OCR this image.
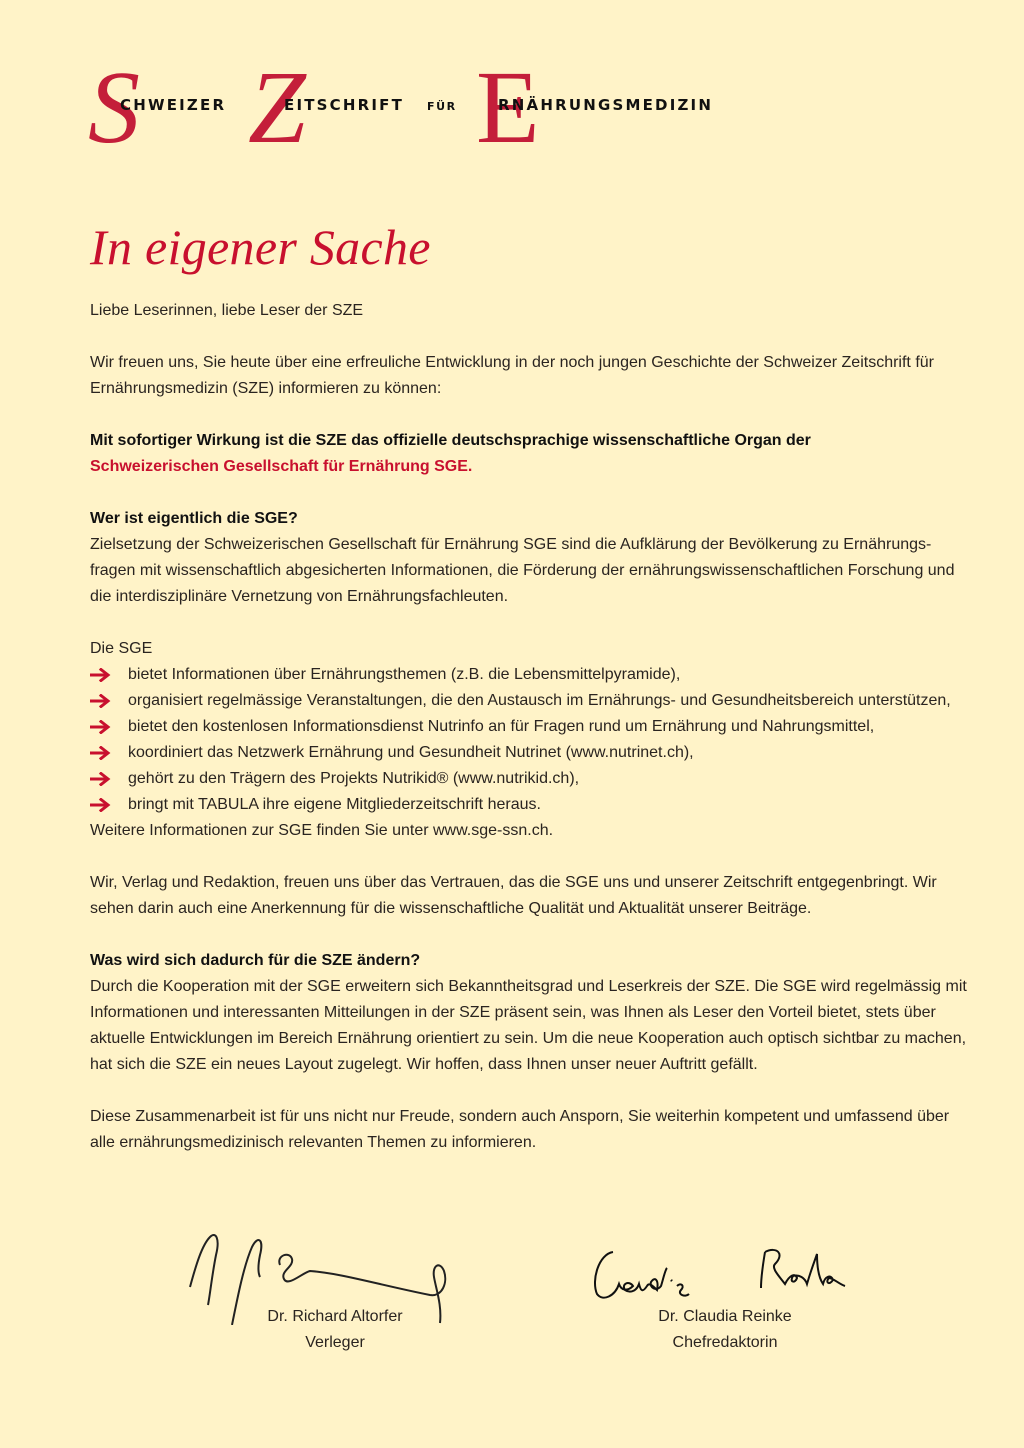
S Z E
CHWEIZER	EITSCHRIFT FÜR	RNÄHRUNGSMEDIZIN
In eigener Sache

Liebe Leserinnen, liebe Leser der SZE

Wir freuen uns, Sie heute über eine erfreuliche Entwicklung in der noch jungen Geschichte der Schweizer Zeitschrift für Ernährungsmedizin (SZE) informieren zu können:

Mit sofortiger Wirkung ist die SZE das offizielle deutschsprachige wissenschaftliche Organ der
Schweizerischen Gesellschaft für Ernährung SGE.

Wer ist eigentlich die SGE?
Zielsetzung der Schweizerischen Gesellschaft für Ernährung SGE sind die Aufklärung der Bevölkerung zu Ernährungsfragen mit wissenschaftlich abgesicherten Informationen, die Förderung der ernährungswissenschaftlichen Forschung und die interdisziplinäre Vernetzung von Ernährungsfachleuten.

Die SGE
bietet Informationen über Ernährungsthemen (z.B. die Lebensmittelpyramide),
organisiert regelmässige Veranstaltungen, die den Austausch im Ernährungs- und Gesundheitsbereich unterstützen,
bietet den kostenlosen Informationsdienst Nutrinfo an für Fragen rund um Ernährung und Nahrungsmittel,
koordiniert das Netzwerk Ernährung und Gesundheit Nutrinet (www.nutrinet.ch),
gehört zu den Trägern des Projekts Nutrikid® (www.nutrikid.ch),
bringt mit TABULA ihre eigene Mitgliederzeitschrift heraus.
Weitere Informationen zur SGE finden Sie unter www.sge-ssn.ch.

Wir, Verlag und Redaktion, freuen uns über das Vertrauen, das die SGE uns und unserer Zeitschrift entgegenbringt. Wir sehen darin auch eine Anerkennung für die wissenschaftliche Qualität und Aktualität unserer Beiträge.

Was wird sich dadurch für die SZE ändern?
Durch die Kooperation mit der SGE erweitern sich Bekanntheitsgrad und Leserkreis der SZE. Die SGE wird regelmässig mit Informationen und interessanten Mitteilungen in der SZE präsent sein, was Ihnen als Leser den Vorteil bietet, stets über aktuelle Entwicklungen im Bereich Ernährung orientiert zu sein. Um die neue Kooperation auch optisch sichtbar zu machen, hat sich die SZE ein neues Layout zugelegt. Wir hoffen, dass Ihnen unser neuer Auftritt gefällt.

Diese Zusammenarbeit ist für uns nicht nur Freude, sondern auch Ansporn, Sie weiterhin kompetent und umfassend über alle ernährungsmedizinisch relevanten Themen zu informieren.

Dr. Richard Altorfer
Verleger
Dr. Claudia Reinke
Chefredaktorin
